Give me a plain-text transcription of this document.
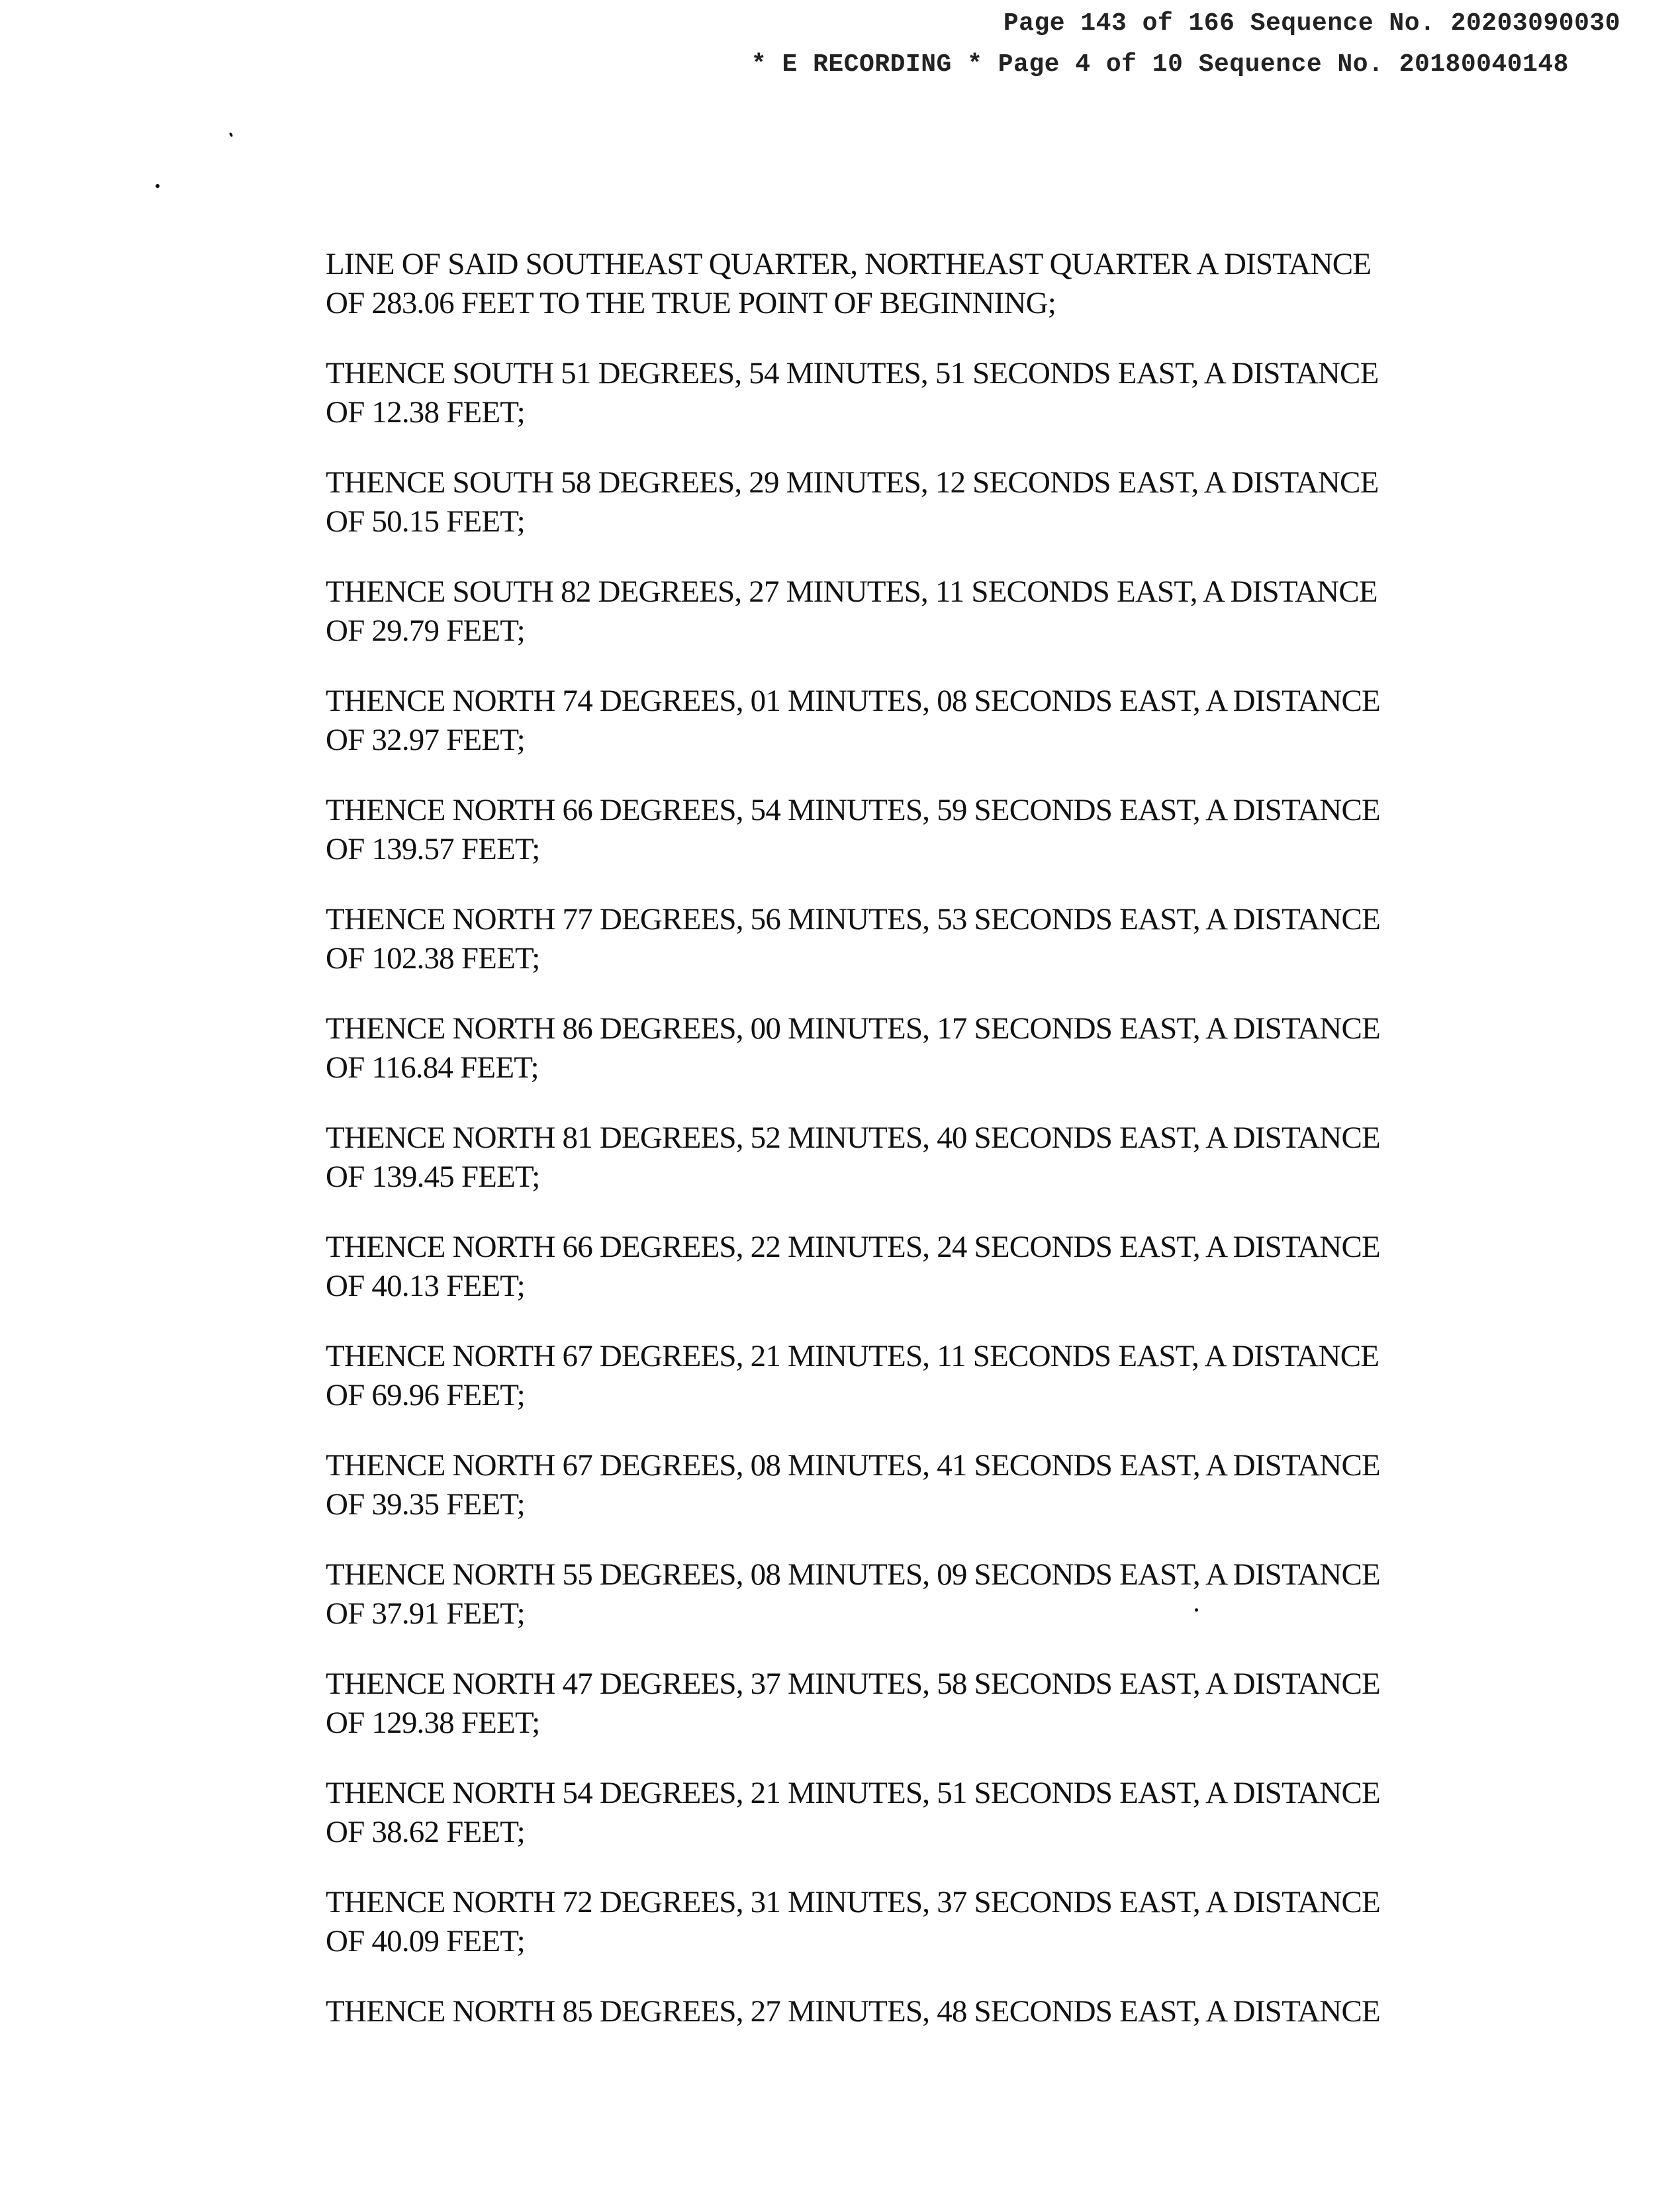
Page 143 of 166 Sequence No. 20203090030
* E RECORDING * Page 4 of 10 Sequence No. 20180040148

LINE OF SAID SOUTHEAST QUARTER, NORTHEAST QUARTER A DISTANCE
OF 283.06 FEET TO THE TRUE POINT OF BEGINNING;

THENCE SOUTH 51 DEGREES, 54 MINUTES, 51 SECONDS EAST, A DISTANCE
OF 12.38 FEET;

THENCE SOUTH 58 DEGREES, 29 MINUTES, 12 SECONDS EAST, A DISTANCE
OF 50.15 FEET;

THENCE SOUTH 82 DEGREES, 27 MINUTES, 11 SECONDS EAST, A DISTANCE
OF 29.79 FEET;

THENCE NORTH 74 DEGREES, 01 MINUTES, 08 SECONDS EAST, A DISTANCE
OF 32.97 FEET;

THENCE NORTH 66 DEGREES, 54 MINUTES, 59 SECONDS EAST, A DISTANCE
OF 139.57 FEET;

THENCE NORTH 77 DEGREES, 56 MINUTES, 53 SECONDS EAST, A DISTANCE
OF 102.38 FEET;

THENCE NORTH 86 DEGREES, 00 MINUTES, 17 SECONDS EAST, A DISTANCE
OF 116.84 FEET;

THENCE NORTH 81 DEGREES, 52 MINUTES, 40 SECONDS EAST, A DISTANCE
OF 139.45 FEET;

THENCE NORTH 66 DEGREES, 22 MINUTES, 24 SECONDS EAST, A DISTANCE
OF 40.13 FEET;

THENCE NORTH 67 DEGREES, 21 MINUTES, 11 SECONDS EAST, A DISTANCE
OF 69.96 FEET;

THENCE NORTH 67 DEGREES, 08 MINUTES, 41 SECONDS EAST, A DISTANCE
OF 39.35 FEET;

THENCE NORTH 55 DEGREES, 08 MINUTES, 09 SECONDS EAST, A DISTANCE
OF 37.91 FEET;

THENCE NORTH 47 DEGREES, 37 MINUTES, 58 SECONDS EAST, A DISTANCE
OF 129.38 FEET;

THENCE NORTH 54 DEGREES, 21 MINUTES, 51 SECONDS EAST, A DISTANCE
OF 38.62 FEET;

THENCE NORTH 72 DEGREES, 31 MINUTES, 37 SECONDS EAST, A DISTANCE
OF 40.09 FEET;

THENCE NORTH 85 DEGREES, 27 MINUTES, 48 SECONDS EAST, A DISTANCE
